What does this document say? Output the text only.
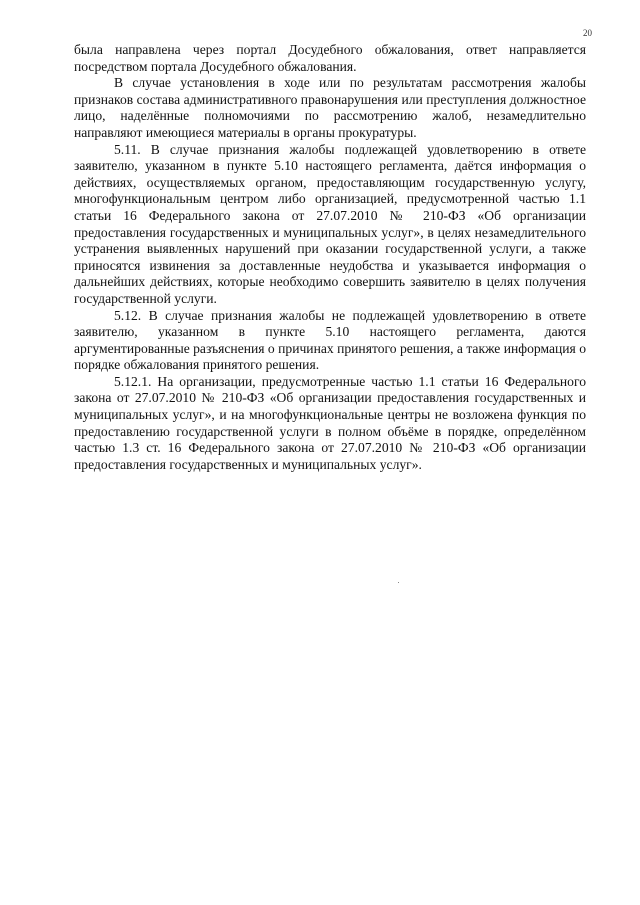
20

была направлена через портал Досудебного обжалования, ответ направляется посредством портала Досудебного обжалования.

В случае установления в ходе или по результатам рассмотрения жалобы признаков состава административного правонарушения или преступления должностное лицо, наделённые полномочиями по рассмотрению жалоб, незамедлительно направляют имеющиеся материалы в органы прокуратуры.

5.11. В случае признания жалобы подлежащей удовлетворению в ответе заявителю, указанном в пункте 5.10 настоящего регламента, даётся информация о действиях, осуществляемых органом, предоставляющим государственную услугу, многофункциональным центром либо организацией, предусмотренной частью 1.1 статьи 16 Федерального закона от 27.07.2010 № 210-ФЗ «Об организации предоставления государственных и муниципальных услуг», в целях незамедлительного устранения выявленных нарушений при оказании государственной услуги, а также приносятся извинения за доставленные неудобства и указывается информация о дальнейших действиях, которые необходимо совершить заявителю в целях получения государственной услуги.

5.12. В случае признания жалобы не подлежащей удовлетворению в ответе заявителю, указанном в пункте 5.10 настоящего регламента, даются аргументированные разъяснения о причинах принятого решения, а также информация о порядке обжалования принятого решения.

5.12.1. На организации, предусмотренные частью 1.1 статьи 16 Федерального закона от 27.07.2010 № 210-ФЗ «Об организации предоставления государственных и муниципальных услуг», и на многофункциональные центры не возложена функция по предоставлению государственной услуги в полном объёме в порядке, определённом частью 1.3 ст. 16 Федерального закона от 27.07.2010 № 210-ФЗ «Об организации предоставления государственных и муниципальных услуг».
